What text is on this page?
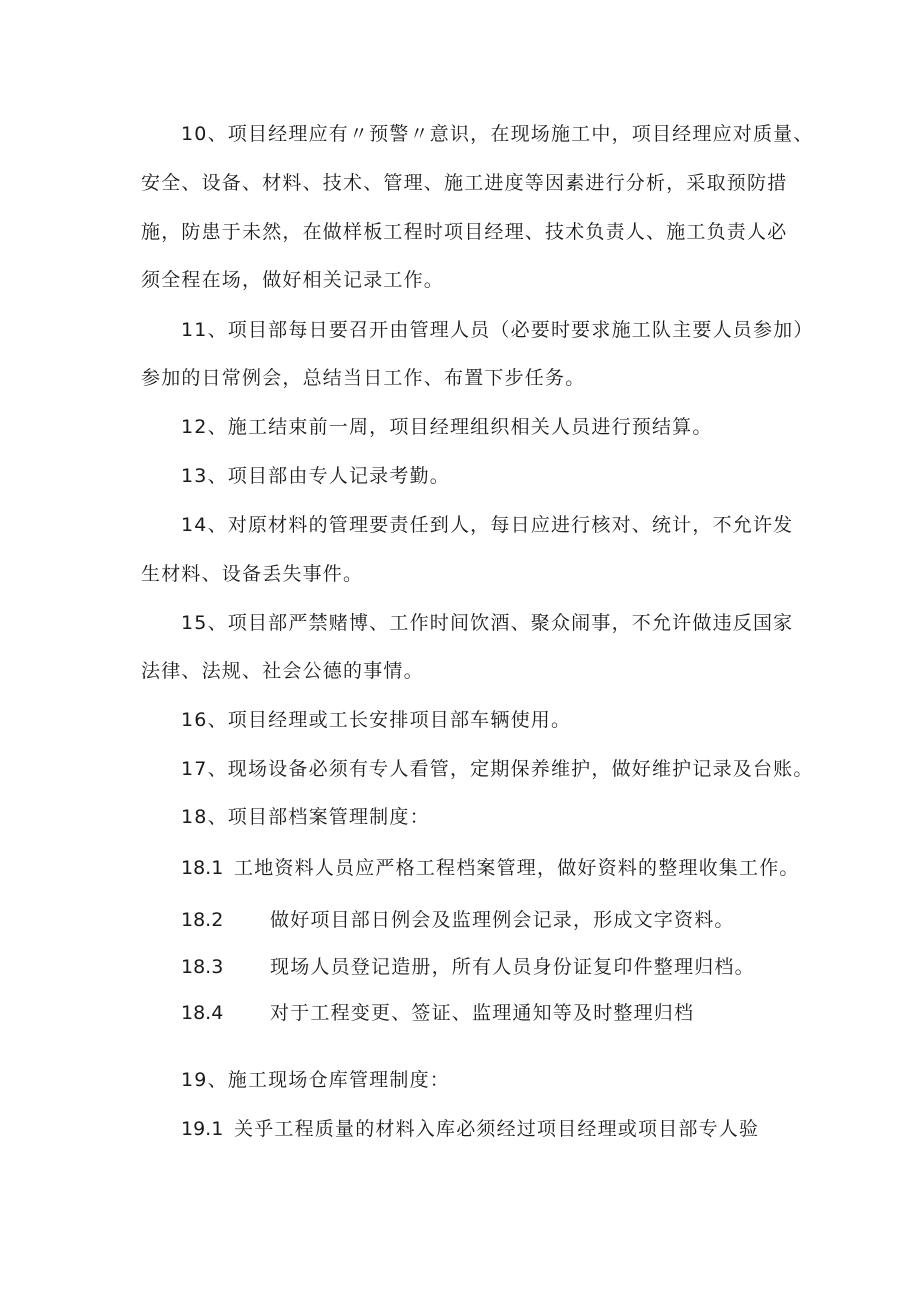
10、项目经理应有〃预警〃意识，在现场施工中，项目经理应对质量、
安全、设备、材料、技术、管理、施工进度等因素进行分析，采取预防措
施，防患于未然，在做样板工程时项目经理、技术负责人、施工负责人必
须全程在场，做好相关记录工作。
11、项目部每日要召开由管理人员（必要时要求施工队主要人员参加）
参加的日常例会，总结当日工作、布置下步任务。
12、施工结束前一周，项目经理组织相关人员进行预结算。
13、项目部由专人记录考勤。
14、对原材料的管理要责任到人，每日应进行核对、统计，不允许发
生材料、设备丢失事件。
15、项目部严禁赌博、工作时间饮酒、聚众闹事，不允许做违反国家
法律、法规、社会公德的事情。
16、项目经理或工长安排项目部车辆使用。
17、现场设备必须有专人看管，定期保养维护，做好维护记录及台账。
18、项目部档案管理制度：
18.1 工地资料人员应严格工程档案管理，做好资料的整理收集工作。
18.2 做好项目部日例会及监理例会记录，形成文字资料。
18.3 现场人员登记造册，所有人员身份证复印件整理归档。
18.4 对于工程变更、签证、监理通知等及时整理归档
19、施工现场仓库管理制度：
19.1 关乎工程质量的材料入库必须经过项目经理或项目部专人验
